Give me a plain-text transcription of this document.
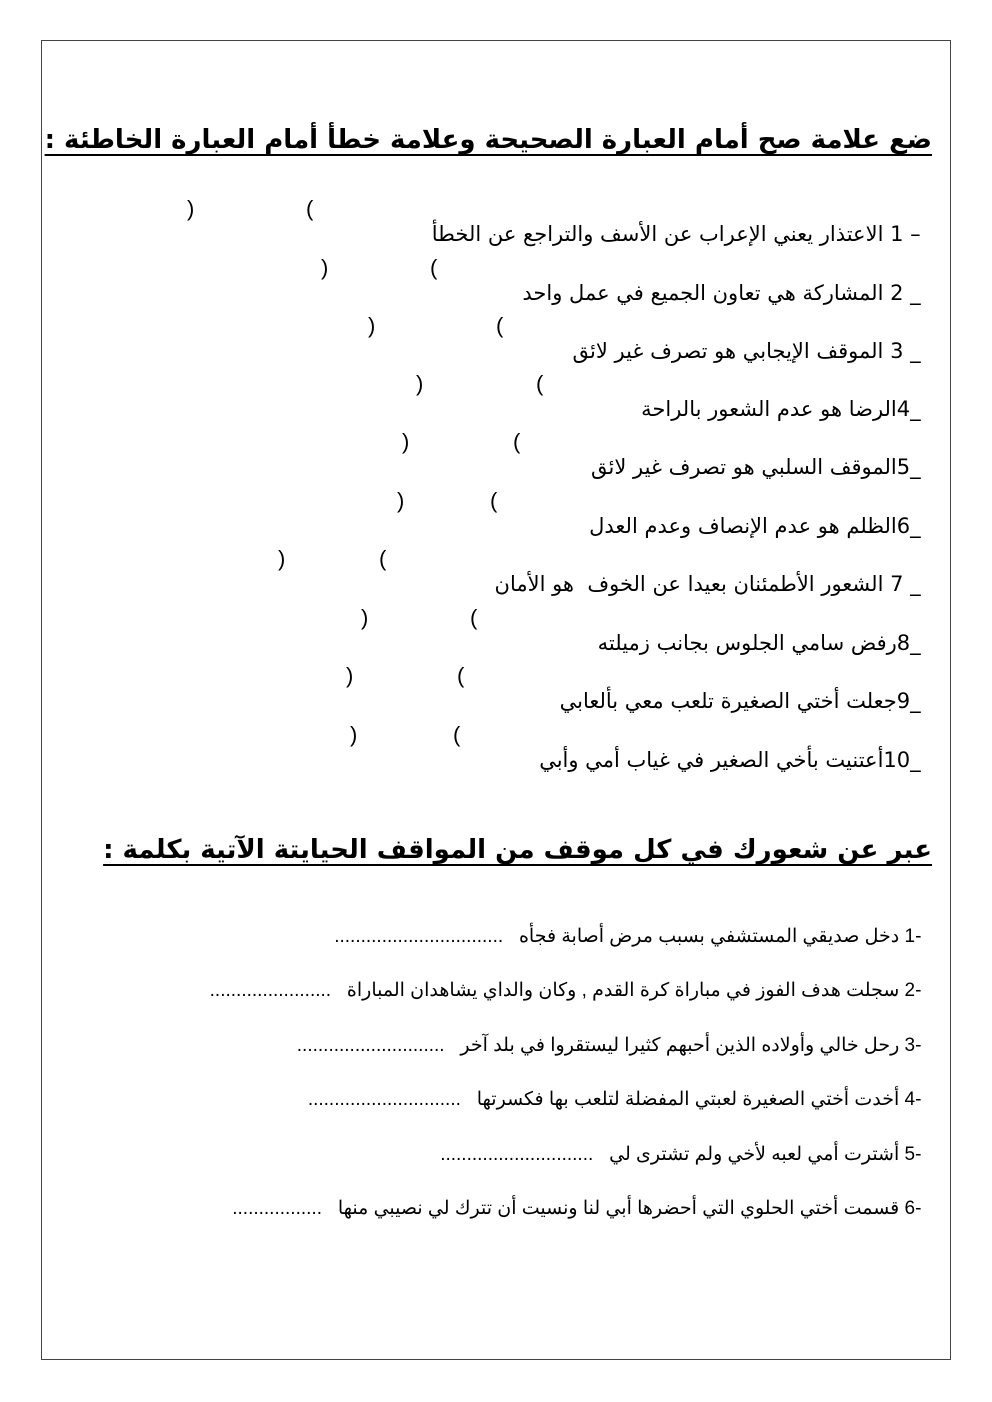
ضع علامة صح أمام العبارة الصحيحة وعلامة خطأ أمام العبارة الخاطئة :

1 – الاعتذار يعني الإعراب عن الأسف والتراجع عن الخطأ

(
)

2 _ المشاركة هي تعاون الجميع في عمل واحد

(
)

3 _ الموقف الإيجابي هو تصرف غير لائق

(
)

4_الرضا هو عدم الشعور بالراحة

(
)

5_الموقف السلبي هو تصرف غير لائق

(
)

6_الظلم هو عدم الإنصاف وعدم العدل

(
)

7 _ الشعور الأطمئنان بعيدا عن الخوف  هو الأمان

(
)

8_رفض سامي الجلوس بجانب زميلته

(
)

9_جعلت أختي الصغيرة تلعب معي بألعابي

(
)

10_أعتنيت بأخي الصغير في غياب أمي وأبي

(
)
عبر عن شعورك في كل موقف من المواقف الحيايتة الآتية بكلمة :

1- دخل صديقي المستشفي بسبب مرض أصابة فجأه   ................................

2- سجلت هدف الفوز في مباراة كرة القدم , وكان والداي يشاهدان المباراة   .......................

3- رحل خالي وأولاده الذين أحبهم كثيرا ليستقروا في بلد آخر   ............................

4- أخدت أختي الصغيرة لعبتي المفضلة لتلعب بها فكسرتها   .............................

5- أشترت أمي لعبه لأخي ولم تشترى لي   .............................

6- قسمت أختي الحلوي التي أحضرها أبي لنا ونسيت أن تترك لي نصيبي منها   .................
